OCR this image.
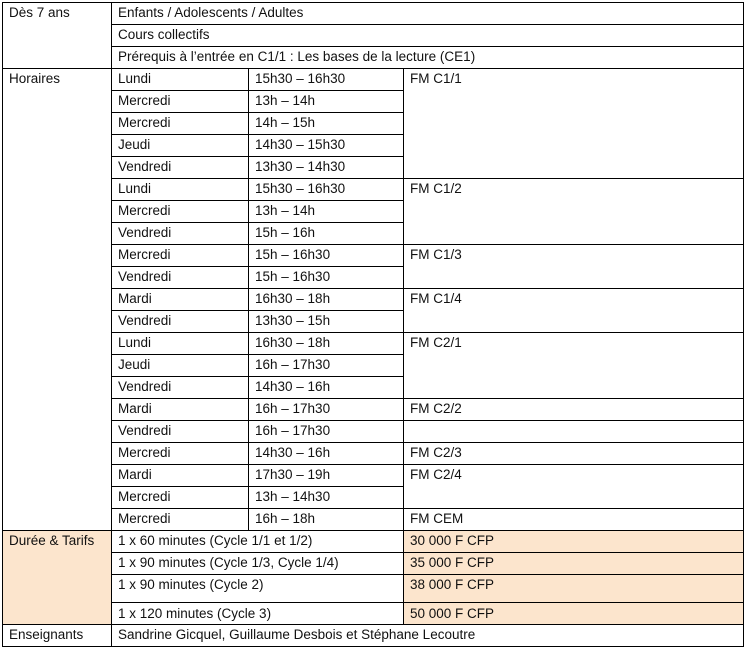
Dès 7 ans	Enfants / Adolescents / Adultes		
	Cours collectifs		
	Prérequis à l’entrée en C1/1 : Les bases de la lecture (CE1)		
Horaires	Lundi	15h30 – 16h30	FM C1/1
	Mercredi	13h – 14h	
	Mercredi	14h – 15h	
	Jeudi	14h30 – 15h30	
	Vendredi	13h30 – 14h30	
	Lundi	15h30 – 16h30	FM C1/2
	Mercredi	13h – 14h	
	Vendredi	15h – 16h	
	Mercredi	15h – 16h30	FM C1/3
	Vendredi	15h – 16h30	
	Mardi	16h30 – 18h	FM C1/4
	Vendredi	13h30 – 15h	
	Lundi	16h30 – 18h	FM C2/1
	Jeudi	16h – 17h30	
	Vendredi	14h30 – 16h	
	Mardi	16h – 17h30	FM C2/2
	Vendredi	16h – 17h30	
	Mercredi	14h30 – 16h	FM C2/3
	Mardi	17h30 – 19h	FM C2/4
	Mercredi	13h – 14h30	
	Mercredi	16h – 18h	FM CEM
Durée & Tarifs	1 x 60 minutes (Cycle 1/1 et 1/2)		30 000 F CFP
	1 x 90 minutes (Cycle 1/3, Cycle 1/4)		35 000 F CFP
	1 x 90 minutes (Cycle 2)		38 000 F CFP
	1 x 120 minutes (Cycle 3)		50 000 F CFP
Enseignants	Sandrine Gicquel, Guillaume Desbois et Stéphane Lecoutre		
